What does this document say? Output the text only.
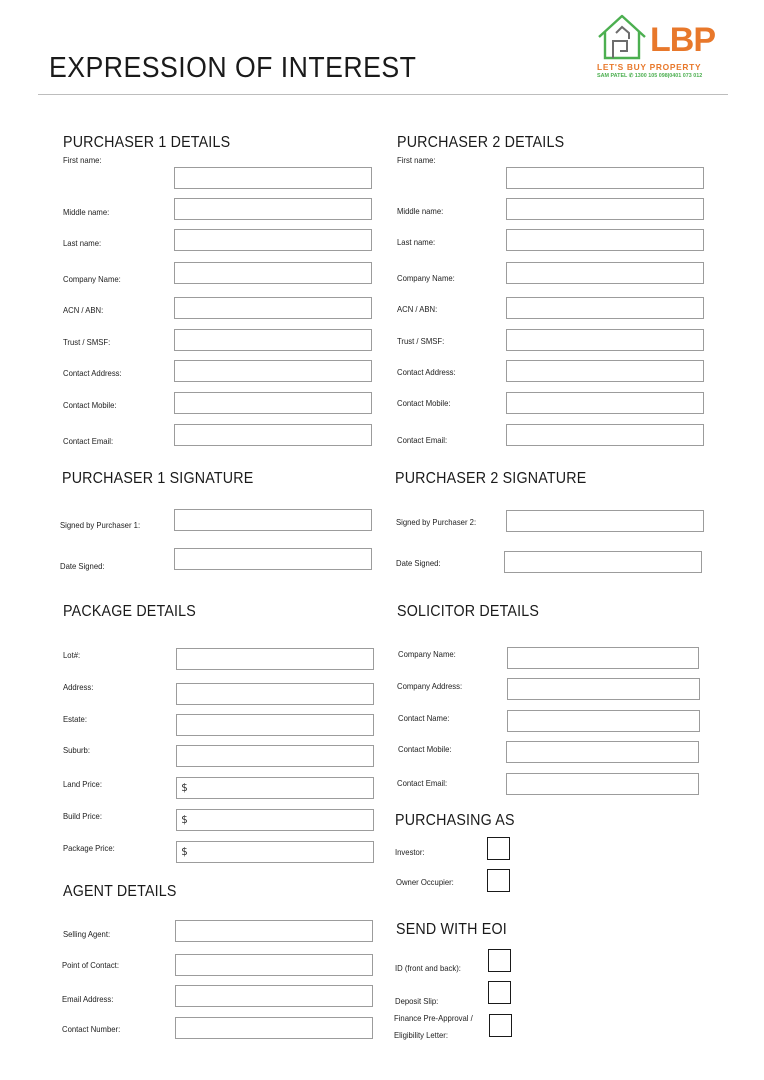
EXPRESSION OF INTEREST
LBP
LET'S BUY PROPERTY
SAM PATEL ✆ 1300 105 098|0401 073 012
PURCHASER 1 DETAILS
First name:
Middle name:
Last name:
Company Name:
ACN / ABN:
Trust / SMSF:
Contact Address:
Contact Mobile:
Contact Email:
PURCHASER 2 DETAILS
First name:
Middle name:
Last name:
Company Name:
ACN / ABN:
Trust / SMSF:
Contact Address:
Contact Mobile:
Contact Email:
PURCHASER 1 SIGNATURE
Signed by Purchaser 1:
Date Signed:
PURCHASER 2 SIGNATURE
Signed by Purchaser 2:
Date Signed:
PACKAGE DETAILS
Lot#:
Address:
Estate:
Suburb:
Land Price:	$
Build Price:	$
Package Price:	$
SOLICITOR DETAILS
Company Name:
Company Address:
Contact Name:
Contact Mobile:
Contact Email:
PURCHASING AS
Investor:
Owner Occupier:
AGENT DETAILS
Selling Agent:
Point of Contact:
Email Address:
Contact Number:
SEND WITH EOI
ID (front and back):
Deposit Slip:
Finance Pre-Approval /
Eligibility Letter:
